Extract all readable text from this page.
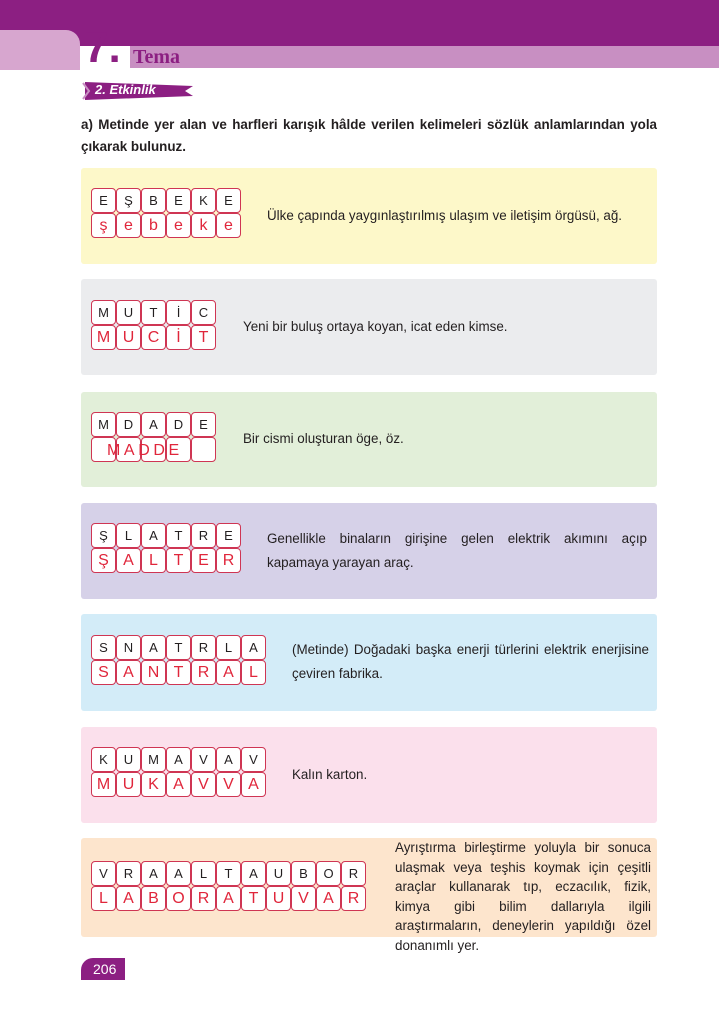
7. Tema
2. Etkinlik
a) Metinde yer alan ve harfleri karışık hâlde verilen kelimeleri sözlük anlamlarından yola çıkarak bulunuz.
E	Ş	B	E	K	E
ş	e	b	e	k	e
Ülke çapında yaygınlaştırılmış ulaşım ve iletişim örgüsü, ağ.
M	U	T	İ	C
M U C	İ	T
Yeni bir buluş ortaya koyan, icat eden kimse.
M	D	A	D	E
MADDE
Bir cismi oluşturan öge, öz.
Ş	L	A	T	R	E
Ş A L T E R
Genellikle binaların girişine gelen elektrik akımını açıp kapamaya yarayan araç.
S	N	A	T	R	L	A
S A N T R A L
(Metinde) Doğadaki başka enerji türlerini elektrik enerjisine çeviren fabrika.
K	U	M	A	V	A	V
M U K A V V A
Kalın karton.
V	R	A	A	L	T	A	U	B	O	R
L A B O R A T U V A R
Ayrıştırma birleştirme yoluyla bir sonuca ulaşmak veya teşhis koymak için çeşitli araçlar kullanarak tıp, eczacılık, fizik, kimya gibi bilim dallarıyla ilgili araştırmaların, deneylerin yapıldığı özel donanımlı yer.
206
